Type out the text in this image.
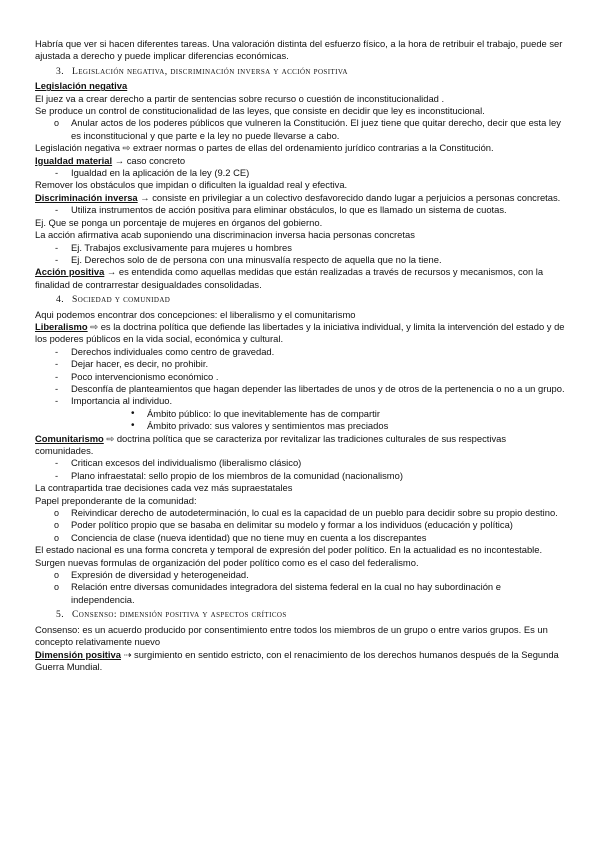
Habría que ver si hacen diferentes tareas. Una valoración distinta del esfuerzo físico, a la hora de retribuir el trabajo, puede ser ajustada a derecho y puede implicar diferencias económicas.

3. Legislación negativa, discriminación inversa y acción positiva

Legislación negativa

El juez va a crear derecho a partir de sentencias sobre recurso o cuestión de inconstitucionalidad .

Se produce un control de constitucionalidad de las leyes, que consiste en decidir que ley es inconstitucional.

o Anular actos de los poderes públicos que vulneren la Constitución. El juez tiene que quitar derecho, decir que esta ley es inconstitucional y que parte e la ley no puede llevarse a cabo.

Legislación negativa ⇨ extraer normas o partes de ellas del ordenamiento jurídico contrarias a la Constitución.

Igualdad material → caso concreto

- Igualdad en la aplicación de la ley (9.2 CE)

Remover los obstáculos que impidan o dificulten la igualdad real y efectiva.

Discriminación inversa → consiste en privilegiar a un colectivo desfavorecido dando lugar a perjuicios a personas concretas.

- Utiliza instrumentos de acción positiva para eliminar obstáculos, lo que es llamado un sistema de cuotas.

Ej. Que se ponga un porcentaje de mujeres en órganos del gobierno.

La acción afirmativa acab suponiendo una discriminacion inversa hacia personas concretas

- Ej. Trabajos exclusivamente para mujeres u hombres
- Ej. Derechos solo de de persona con una minusvalía respecto de aquella que no la tiene.

Acción positiva → es entendida como aquellas medidas que están realizadas a través de recursos y mecanismos, con la finalidad de contrarrestar desigualdades consolidadas.

4. Sociedad y comunidad

Aqui podemos encontrar dos concepciones: el liberalismo y el comunitarismo

Liberalismo ⇨ es la doctrina política que defiende las libertades y la iniciativa individual, y limita la intervención del estado y de los poderes públicos en la vida social, económica y cultural.

- Derechos individuales como centro de gravedad.
- Dejar hacer, es decir, no prohibir.
- Poco intervencionismo económico .
- Desconfía de planteamientos que hagan depender las libertades de unos y de otros de la pertenencia o no a un grupo.
- Importancia al individuo.
• Ámbito público: lo que inevitablemente has de compartir
• Ámbito privado: sus valores y sentimientos mas preciados

Comunitarismo ⇨ doctrina política que se caracteriza por revitalizar las tradiciones culturales de sus respectivas comunidades.

- Critican excesos del individualismo (liberalismo clásico)
- Plano infraestatal: sello propio de los miembros de la comunidad (nacionalismo)

La contrapartida trae decisiones cada vez más supraestatales

Papel preponderante de la comunidad:

o Reivindicar derecho de autodeterminación, lo cual es la capacidad de un pueblo para decidir sobre su propio destino.
o Poder político propio que se basaba en delimitar su modelo y formar a los individuos (educación y política)
o Conciencia de clase (nueva identidad) que no tiene muy en cuenta a los discrepantes

El estado nacional es una forma concreta y temporal de expresión del poder político. En la actualidad es no incontestable.

Surgen nuevas formulas de organización del poder político como es el caso del federalismo.

o Expresión de diversidad y heterogeneidad.
o Relación entre diversas comunidades integradora del sistema federal en la cual no hay subordinación e independencia.

5. Consenso: dimensión positiva y aspectos críticos

Consenso: es un acuerdo producido por consentimiento entre todos los miembros de un grupo o entre varios grupos. Es un concepto relativamente nuevo

Dimensión positiva ⇢ surgimiento en sentido estricto, con el renacimiento de los derechos humanos después de la Segunda Guerra Mundial.
